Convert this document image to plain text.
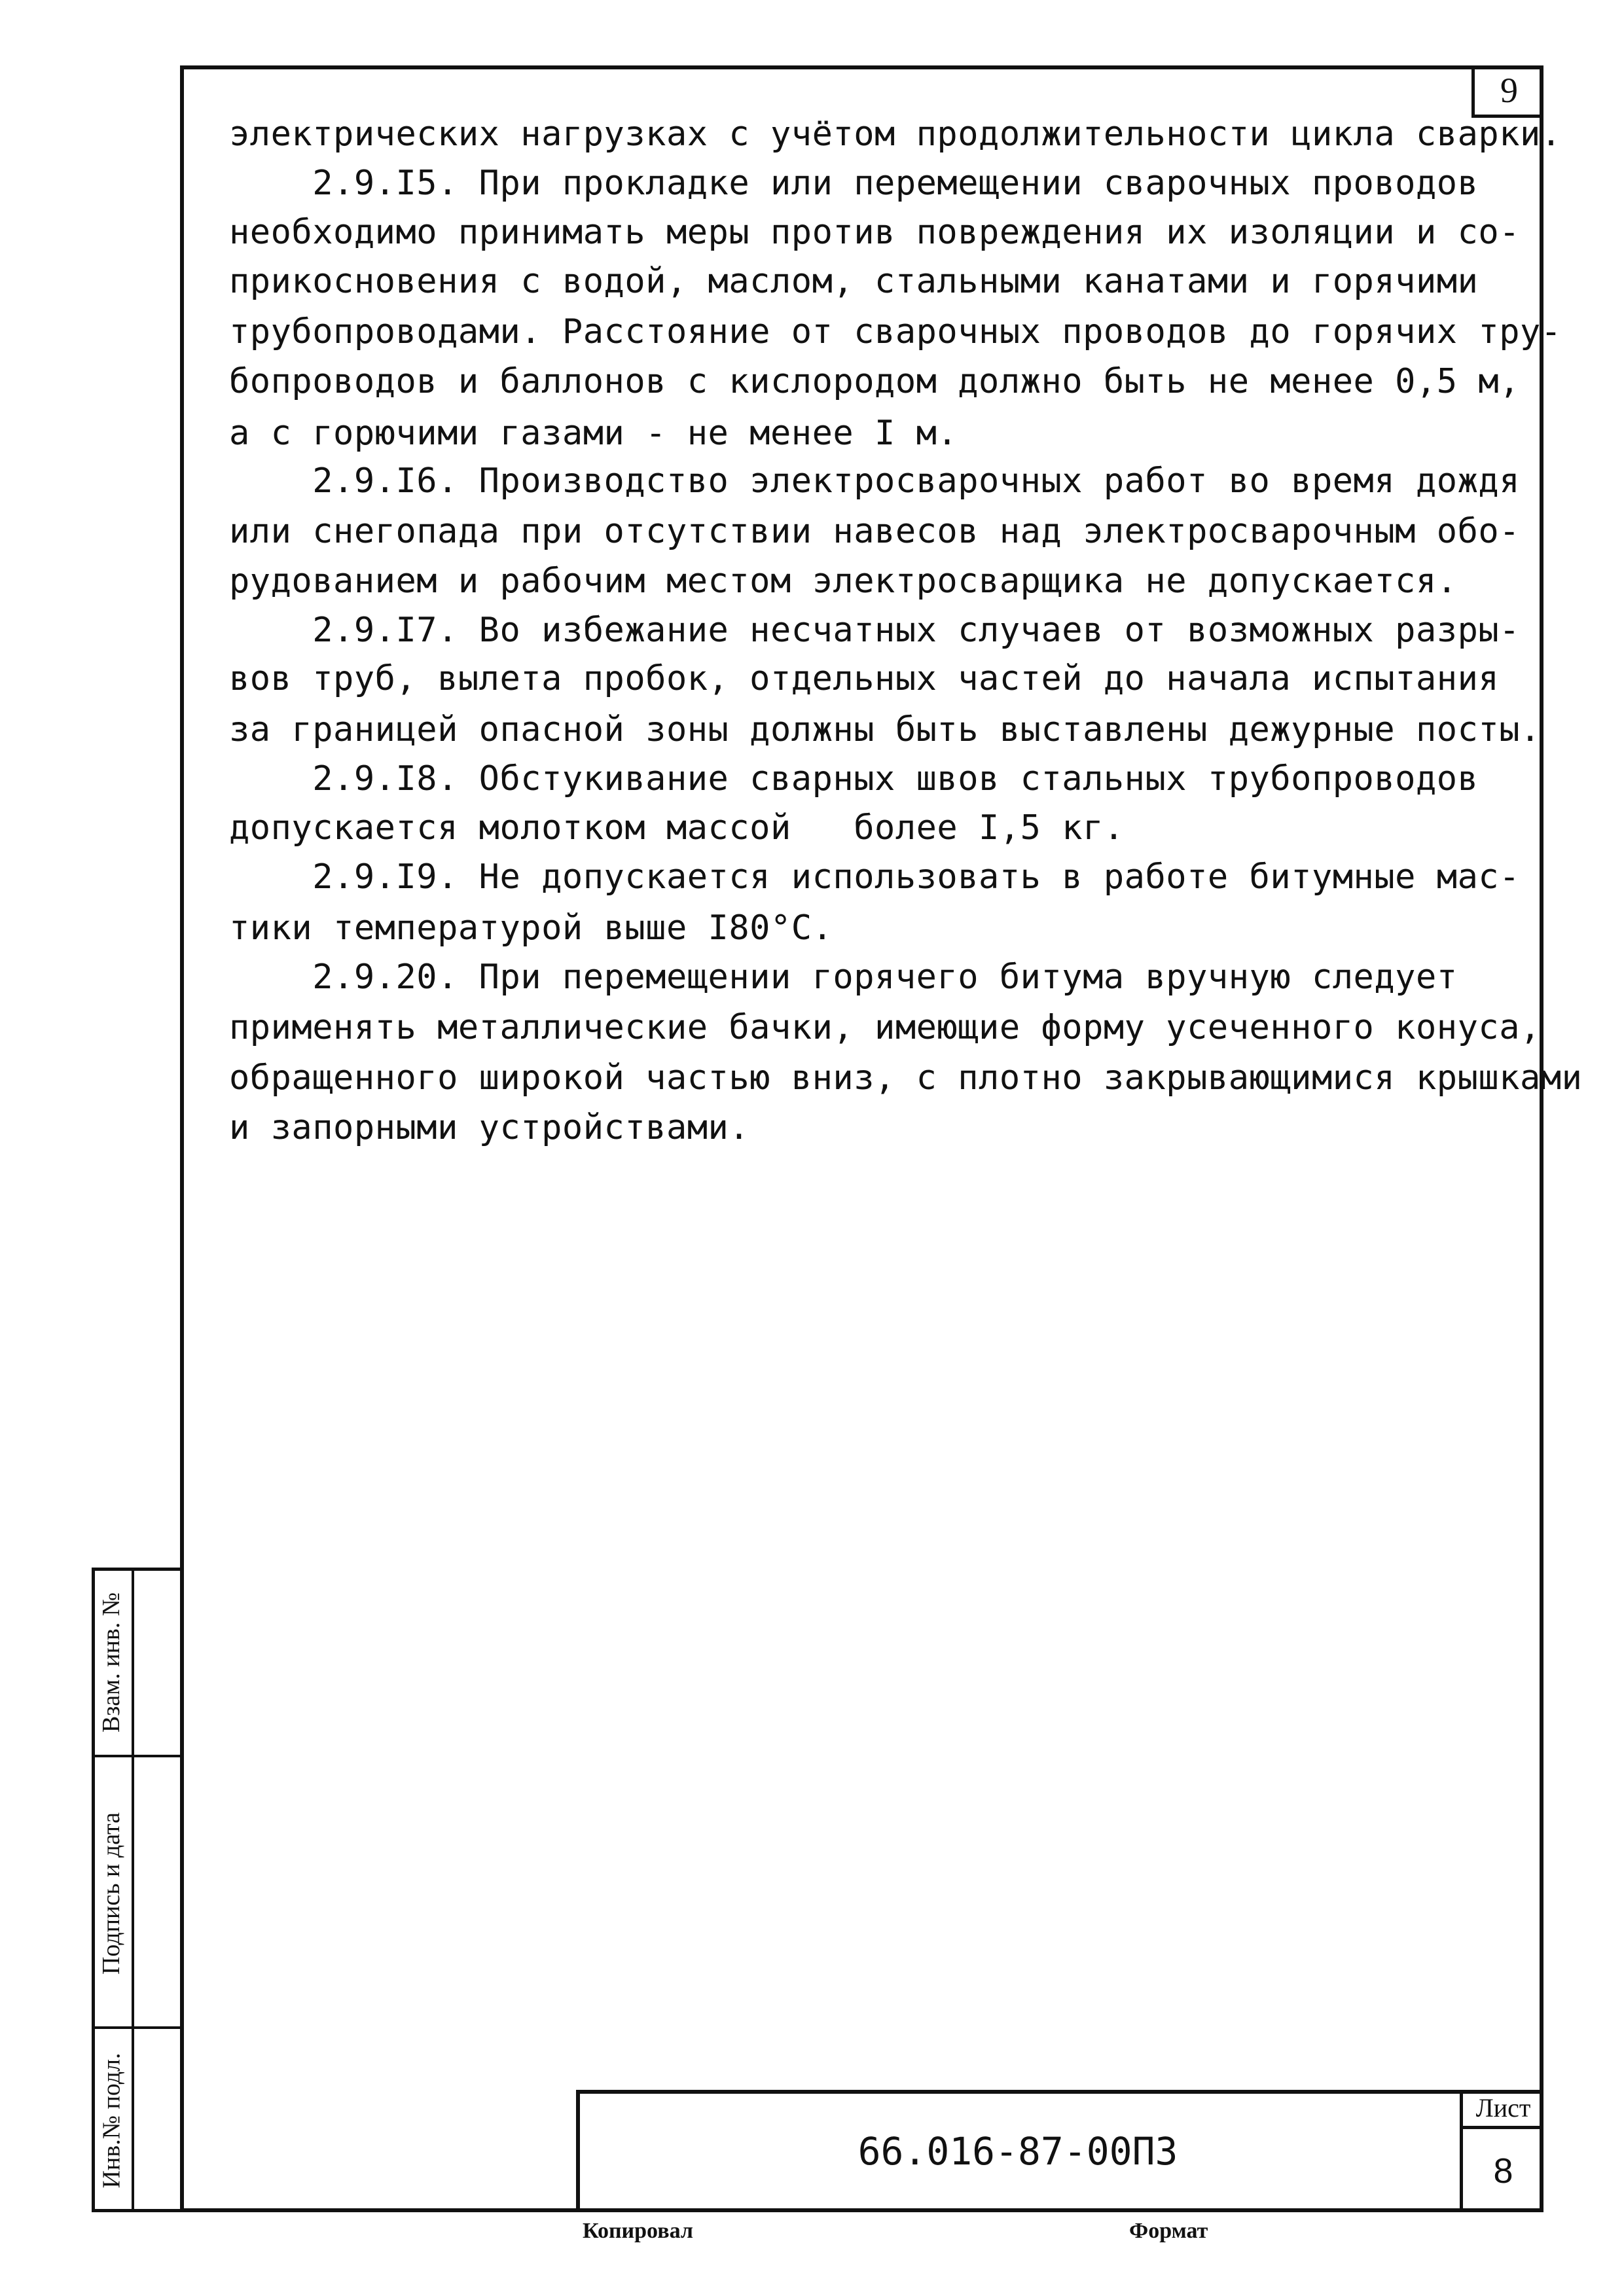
9
электрических нагрузках с учётом продолжительности цикла сварки.
2.9.I5. При прокладке или перемещении сварочных проводов
необходимо принимать меры против повреждения их изоляции и со-
прикосновения с водой, маслом, стальными канатами и горячими
трубопроводами. Расстояние от сварочных проводов до горячих тру-
бопроводов и баллонов с кислородом должно быть не менее 0,5 м,
а с горючими газами - не менее I м.
2.9.I6. Производство электросварочных работ во время дождя
или снегопада при отсутствии навесов над электросварочным обо-
рудованием и рабочим местом электросварщика не допускается.
2.9.I7. Во избежание несчатных случаев от возможных разры-
вов труб, вылета пробок, отдельных частей до начала испытания
за границей опасной зоны должны быть выставлены дежурные посты.
2.9.I8. Обстукивание сварных швов стальных трубопроводов
допускается молотком массой   более I,5 кг.
2.9.I9. Не допускается использовать в работе битумные мас-
тики температурой выше I80°С.
2.9.20. При перемещении горячего битума вручную следует
применять металлические бачки, имеющие форму усеченного конуса,
обращенного широкой частью вниз, с плотно закрывающимися крышками
и запорными устройствами.
Взам. инв. №
Подпись и дата
Инв.№ подл.	66.016-87-00ПЗ
Лист
8
Копировал	Формат
